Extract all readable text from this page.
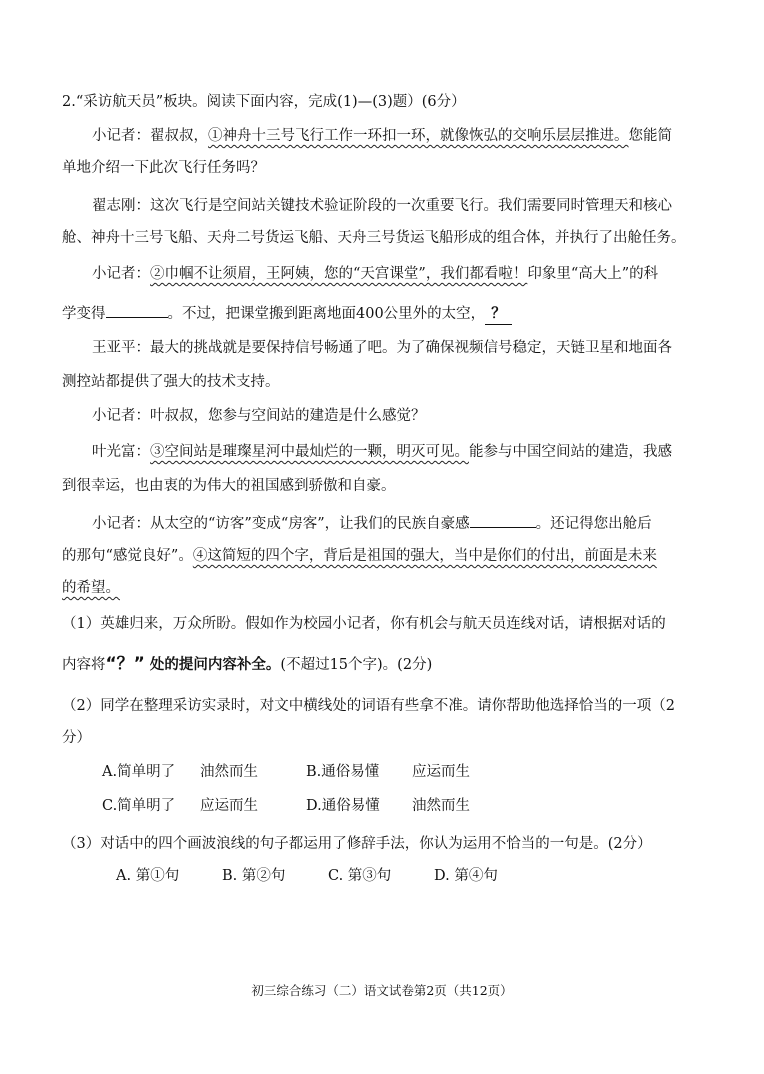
2.“采访航天员”板块。阅读下面内容，完成(1)—(3)题）(6分）
小记者：翟叔叔，①神舟十三号飞行工作一环扣一环，就像恢弘的交响乐层层推进。您能简
单地介绍一下此次飞行任务吗？
翟志刚：这次飞行是空间站关键技术验证阶段的一次重要飞行。我们需要同时管理天和核心
舱、神舟十三号飞船、天舟二号货运飞船、天舟三号货运飞船形成的组合体，并执行了出舱任务。
小记者：②巾帼不让须眉，王阿姨，您的“天宫课堂”，我们都看啦！印象里“高大上”的科
学变得	。不过，把课堂搬到距离地面400公里外的太空， ？
王亚平：最大的挑战就是要保持信号畅通了吧。为了确保视频信号稳定，天链卫星和地面各
测控站都提供了强大的技术支持。
小记者：叶叔叔，您参与空间站的建造是什么感觉？
叶光富：③空间站是璀璨星河中最灿烂的一颗，明灭可见。能参与中国空间站的建造，我感
到很幸运，也由衷的为伟大的祖国感到骄傲和自豪。
小记者：从太空的“访客”变成“房客”，让我们的民族自豪感	。还记得您出舱后
的那句“感觉良好”。④这简短的四个字，背后是祖国的强大，当中是你们的付出，前面是未来
的希望。
（1）英雄归来，万众所盼。假如作为校园小记者，你有机会与航天员连线对话，请根据对话的
内容将“？” 处的提问内容补全。(不超过15个字)。(2分)
（2）同学在整理采访实录时，对文中横线处的词语有些拿不准。请你帮助他选择恰当的一项（2
分）
A.简单明了 油然而生	B.通俗易懂 应运而生
C.简单明了 应运而生	D.通俗易懂 油然而生
（3）对话中的四个画波浪线的句子都运用了修辞手法，你认为运用不恰当的一句是。(2分）
A. 第①句	B. 第②句	C. 第③句	D. 第④句
初三综合练习（二）语文试卷第2页（共12页）
